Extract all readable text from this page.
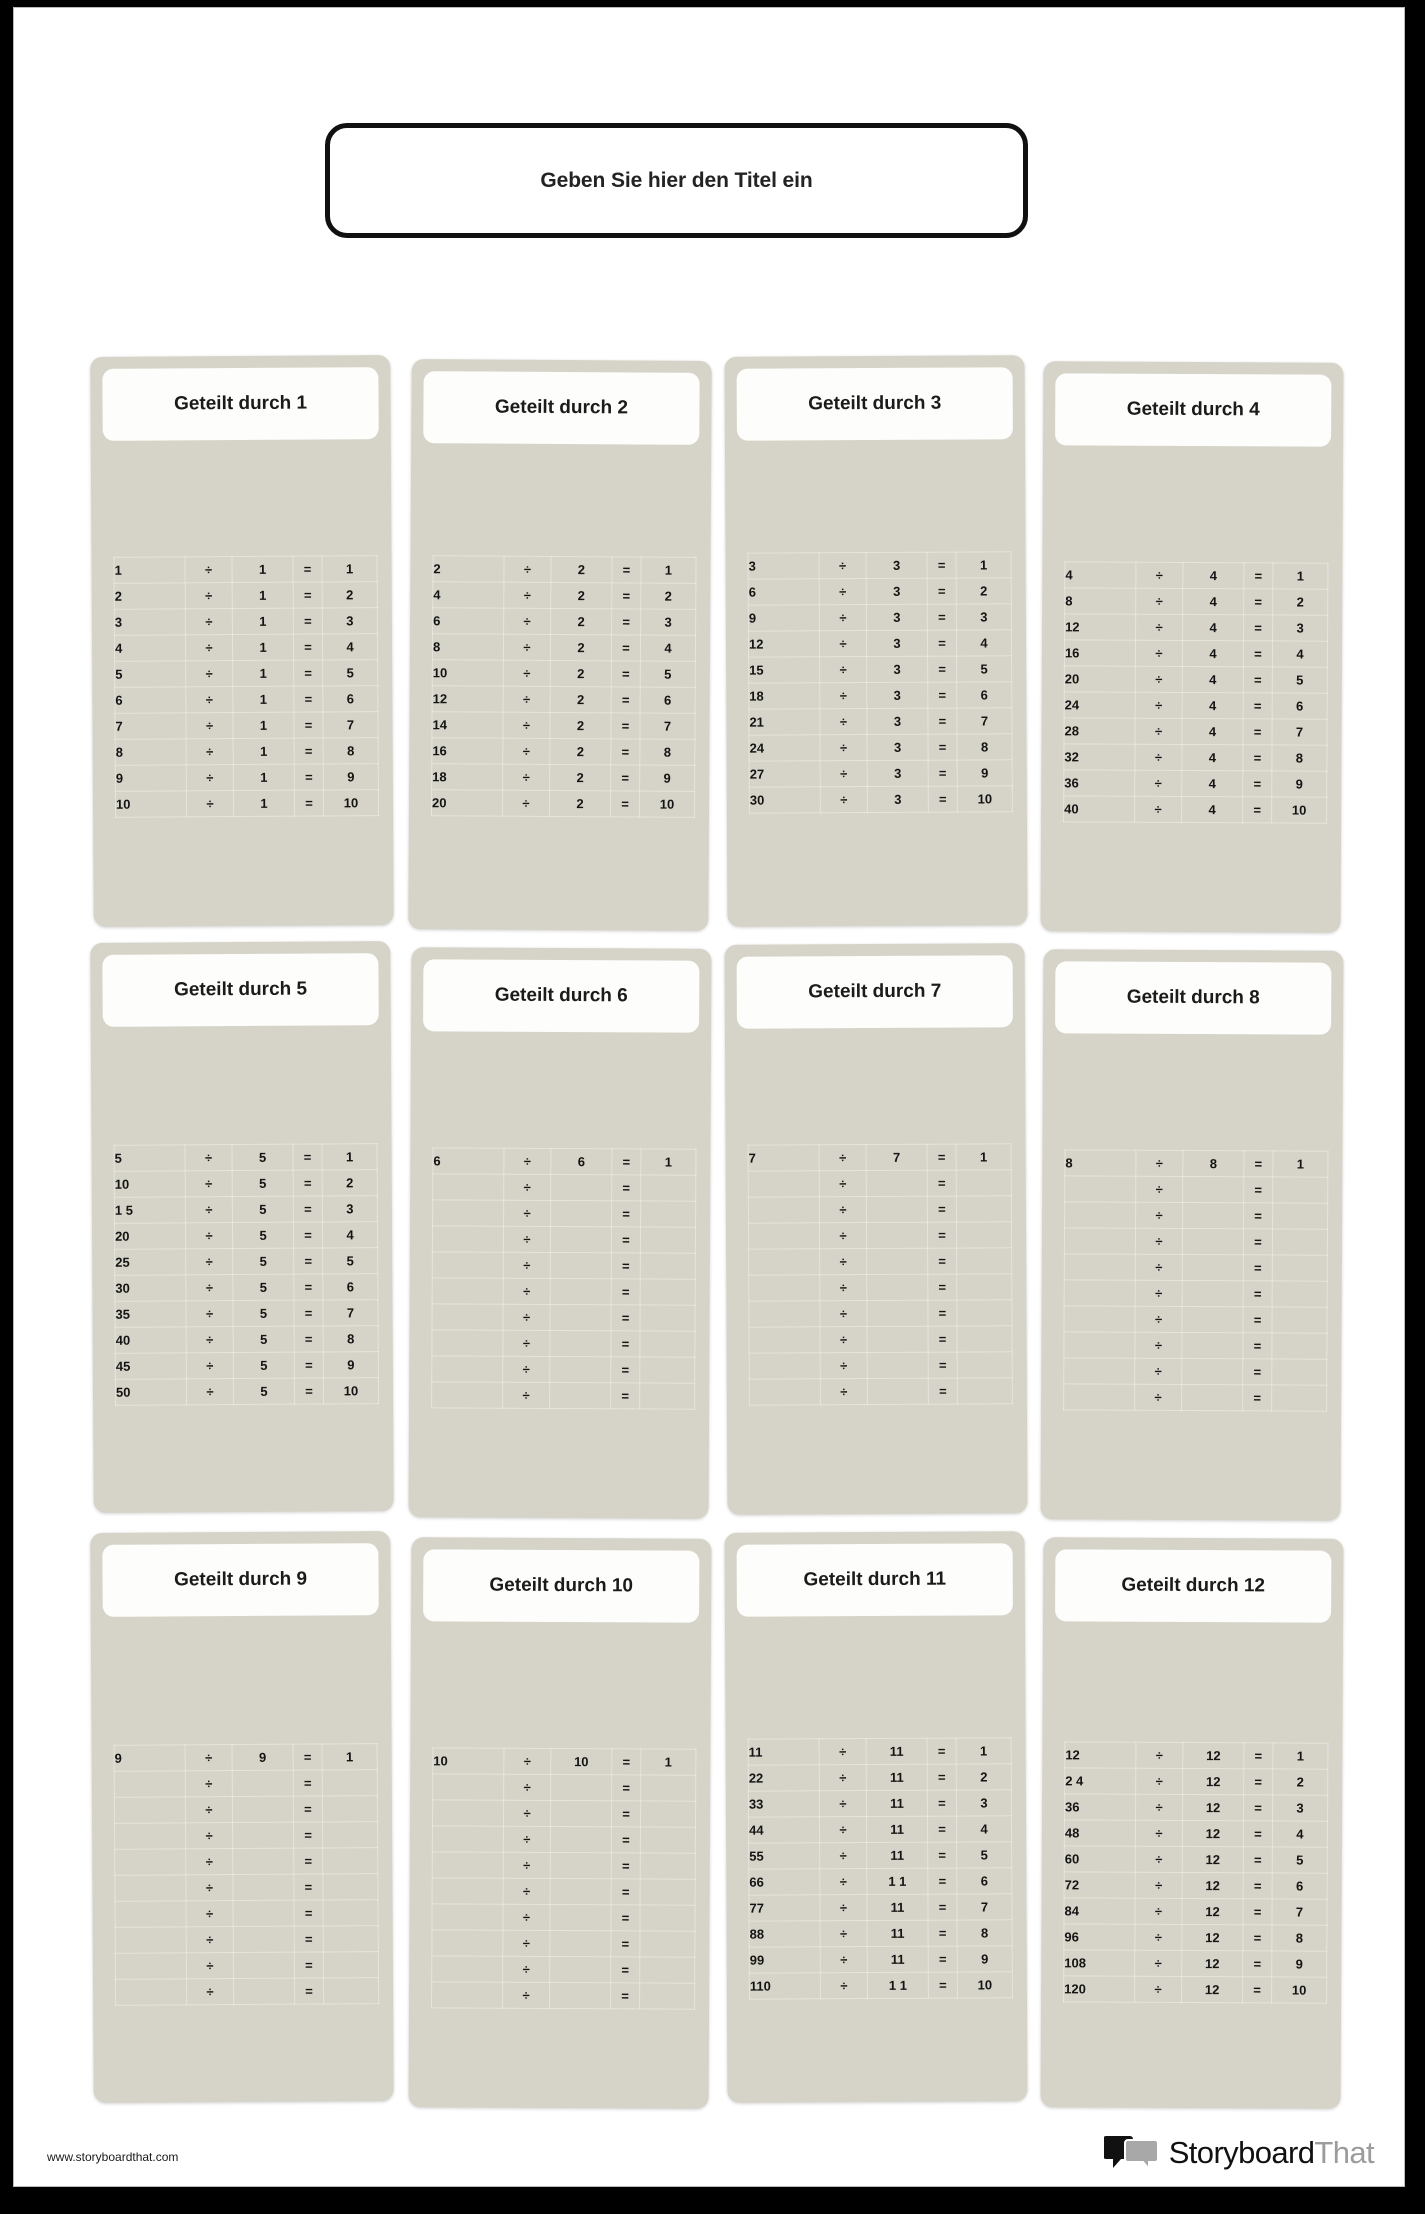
Geben Sie hier den Titel ein
Geteilt durch 1
1	÷	1	=	1
2	÷	1	=	2
3	÷	1	=	3
4	÷	1	=	4
5	÷	1	=	5
6	÷	1	=	6
7	÷	1	=	7
8	÷	1	=	8
9	÷	1	=	9
10	÷	1	=	10
Geteilt durch 2
2	÷	2	=	1
4	÷	2	=	2
6	÷	2	=	3
8	÷	2	=	4
10	÷	2	=	5
12	÷	2	=	6
14	÷	2	=	7
16	÷	2	=	8
18	÷	2	=	9
20	÷	2	=	10
Geteilt durch 3
3	÷	3	=	1
6	÷	3	=	2
9	÷	3	=	3
12	÷	3	=	4
15	÷	3	=	5
18	÷	3	=	6
21	÷	3	=	7
24	÷	3	=	8
27	÷	3	=	9
30	÷	3	=	10
Geteilt durch 4
4	÷	4	=	1
8	÷	4	=	2
12	÷	4	=	3
16	÷	4	=	4
20	÷	4	=	5
24	÷	4	=	6
28	÷	4	=	7
32	÷	4	=	8
36	÷	4	=	9
40	÷	4	=	10
Geteilt durch 5
5	÷	5	=	1
10	÷	5	=	2
1 5	÷	5	=	3
20	÷	5	=	4
25	÷	5	=	5
30	÷	5	=	6
35	÷	5	=	7
40	÷	5	=	8
45	÷	5	=	9
50	÷	5	=	10
Geteilt durch 6
6	÷	6	=	1
	÷		=	
	÷		=	
	÷		=	
	÷		=	
	÷		=	
	÷		=	
	÷		=	
	÷		=	
	÷		=	
Geteilt durch 7
7	÷	7	=	1
	÷		=	
	÷		=	
	÷		=	
	÷		=	
	÷		=	
	÷		=	
	÷		=	
	÷		=	
	÷		=	
Geteilt durch 8
8	÷	8	=	1
	÷		=	
	÷		=	
	÷		=	
	÷		=	
	÷		=	
	÷		=	
	÷		=	
	÷		=	
	÷		=	
Geteilt durch 9
9	÷	9	=	1
	÷		=	
	÷		=	
	÷		=	
	÷		=	
	÷		=	
	÷		=	
	÷		=	
	÷		=	
	÷		=	
Geteilt durch 10
10	÷	10	=	1
	÷		=	
	÷		=	
	÷		=	
	÷		=	
	÷		=	
	÷		=	
	÷		=	
	÷		=	
	÷		=	
Geteilt durch 11
11	÷	11	=	1
22	÷	11	=	2
33	÷	11	=	3
44	÷	11	=	4
55	÷	11	=	5
66	÷	1 1	=	6
77	÷	11	=	7
88	÷	11	=	8
99	÷	11	=	9
110	÷	1 1	=	10
Geteilt durch 12
12	÷	12	=	1
2 4	÷	12	=	2
36	÷	12	=	3
48	÷	12	=	4
60	÷	12	=	5
72	÷	12	=	6
84	÷	12	=	7
96	÷	12	=	8
108	÷	12	=	9
120	÷	12	=	10
www.storyboardthat.com	StoryboardThat
